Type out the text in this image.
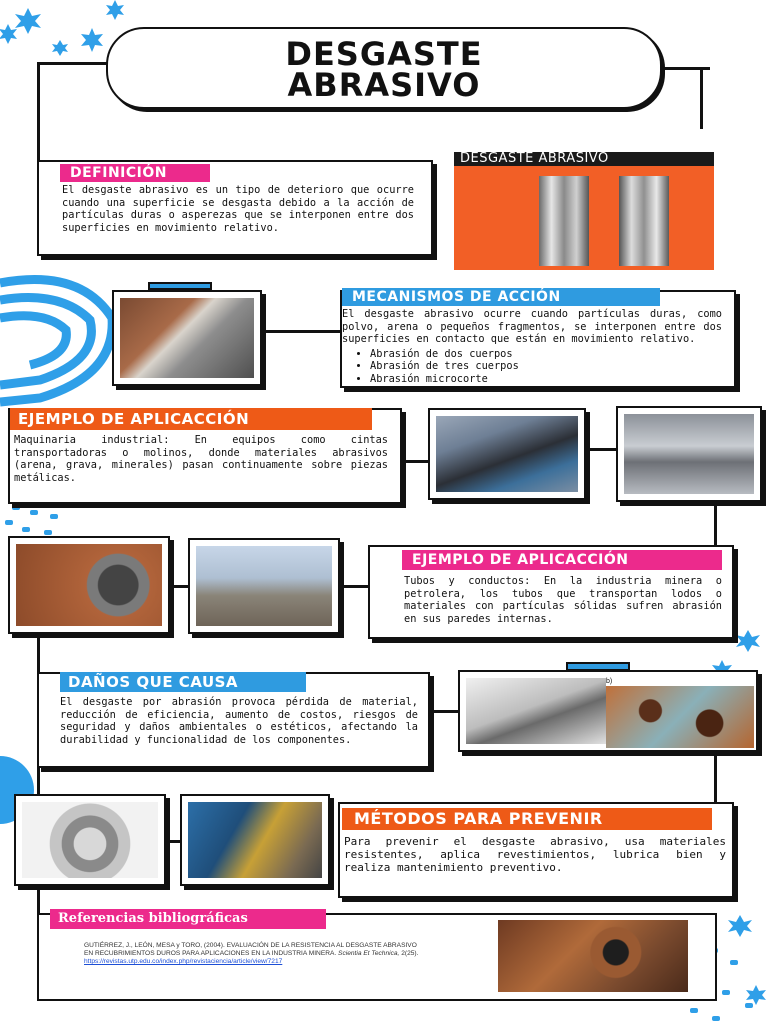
DESGASTE
ABRASIVO
DEFINICIÓN
El desgaste abrasivo es un tipo de deterioro que ocurre cuando una superficie se desgasta debido a la acción de partículas duras o asperezas que se interponen entre dos superficies en movimiento relativo.
DESGASTE ABRASIVO
MECANISMOS DE ACCIÓN
El desgaste abrasivo ocurre cuando partículas duras, como polvo, arena o pequeños fragmentos, se interponen entre dos superficies en contacto que están en movimiento relativo.
• Abrasión de dos cuerpos
• Abrasión de tres cuerpos
• Abrasión microcorte
EJEMPLO DE APLICACCIÓN
Maquinaria industrial: En equipos como cintas transportadoras o molinos, donde materiales abrasivos (arena, grava, minerales) pasan continuamente sobre piezas metálicas.
EJEMPLO DE APLICACCIÓN
Tubos y conductos: En la industria minera o petrolera, los tubos que transportan lodos o materiales con partículas sólidas sufren abrasión en sus paredes internas.
DAÑOS QUE CAUSA
El desgaste por abrasión provoca pérdida de material, reducción de eficiencia, aumento de costos, riesgos de seguridad y daños ambientales o estéticos, afectando la durabilidad y funcionalidad de los componentes.
b)
MÉTODOS PARA PREVENIR
Para prevenir el desgaste abrasivo, usa materiales resistentes, aplica revestimientos, lubrica bien y realiza mantenimiento preventivo.
Referencias bibliográficas
GUTIÉRREZ, J., LEÓN, MESA y TORO, (2004). EVALUACIÓN DE LA RESISTENCIA AL DESGASTE ABRASIVO EN RECUBRIMIENTOS DUROS PARA APLICACIONES EN LA INDUSTRIA MINERA. Scientia Et Technica, 2(25).
https://revistas.utp.edu.co/index.php/revistaciencia/article/view/7217
